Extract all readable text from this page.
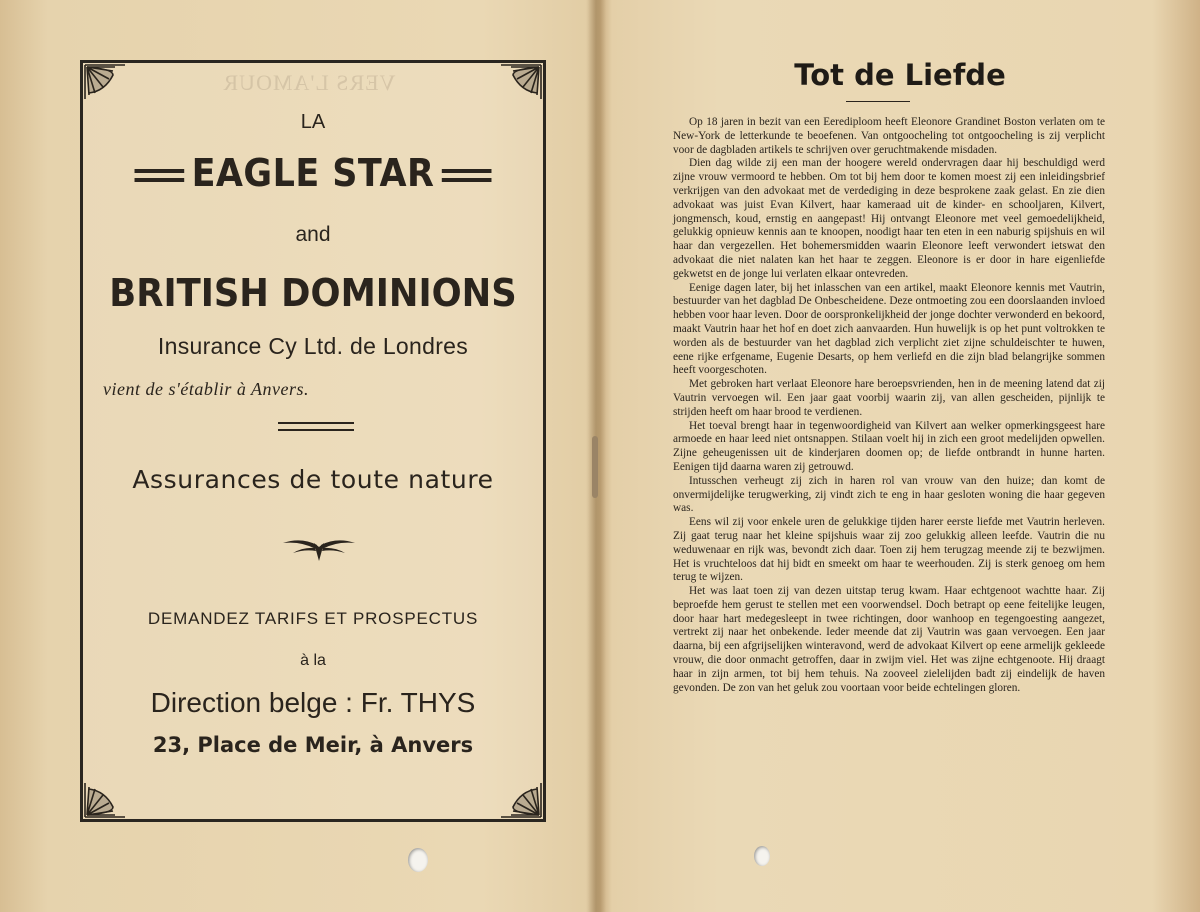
VERS L'AMOUR
LA
EAGLE STAR
and
BRITISH DOMINIONS
Insurance Cy Ltd. de Londres
vient de s'établir à Anvers.
Assurances de toute nature
DEMANDEZ TARIFS ET PROSPECTUS
à la
Direction belge : Fr. THYS
23, Place de Meir, à Anvers
Tot de Liefde

Op 18 jaren in bezit van een Eerediploom heeft Eleonore Grandinet Boston verlaten om te New-York de letterkunde te beoefenen. Van ontgoocheling tot ontgoocheling is zij verplicht voor de dagbladen artikels te schrijven over geruchtmakende misdaden.

Dien dag wilde zij een man der hoogere wereld ondervragen daar hij beschuldigd werd zijne vrouw vermoord te hebben. Om tot bij hem door te komen moest zij een inleidingsbrief verkrijgen van den advokaat met de verdediging in deze besprokene zaak gelast. En zie dien advokaat was juist Evan Kilvert, haar kameraad uit de kinder- en schooljaren, Kilvert, jongmensch, koud, ernstig en aangepast! Hij ontvangt Eleonore met veel gemoedelijkheid, gelukkig opnieuw kennis aan te knoopen, noodigt haar ten eten in een naburig spijshuis en wil haar dan vergezellen. Het bohemersmidden waarin Eleonore leeft verwondert ietswat den advokaat die niet nalaten kan het haar te zeggen. Eleonore is er door in hare eigenliefde gekwetst en de jonge lui verlaten elkaar ontevreden.

Eenige dagen later, bij het inlasschen van een artikel, maakt Eleonore kennis met Vautrin, bestuurder van het dagblad De Onbescheidene. Deze ontmoeting zou een doorslaanden invloed hebben voor haar leven. Door de oorspronkelijkheid der jonge dochter verwonderd en bekoord, maakt Vautrin haar het hof en doet zich aanvaarden. Hun huwelijk is op het punt voltrokken te worden als de bestuurder van het dagblad zich verplicht ziet zijne schuldeischter te huwen, eene rijke erfgename, Eugenie Desarts, op hem verliefd en die zijn blad belangrijke sommen heeft voorgeschoten.

Met gebroken hart verlaat Eleonore hare beroepsvrienden, hen in de meening latend dat zij Vautrin vervoegen wil. Een jaar gaat voorbij waarin zij, van allen gescheiden, pijnlijk te strijden heeft om haar brood te verdienen.

Het toeval brengt haar in tegenwoordigheid van Kilvert aan welker opmerkingsgeest hare armoede en haar leed niet ontsnappen. Stilaan voelt hij in zich een groot medelijden opwellen. Zijne geheugenissen uit de kinderjaren doomen op; de liefde ontbrandt in hunne harten. Eenigen tijd daarna waren zij getrouwd.

Intusschen verheugt zij zich in haren rol van vrouw van den huize; dan komt de onvermijdelijke terugwerking, zij vindt zich te eng in haar gesloten woning die haar gegeven was.

Eens wil zij voor enkele uren de gelukkige tijden harer eerste liefde met Vautrin herleven. Zij gaat terug naar het kleine spijshuis waar zij zoo gelukkig alleen leefde. Vautrin die nu weduwenaar en rijk was, bevondt zich daar. Toen zij hem terugzag meende zij te bezwijmen. Het is vruchteloos dat hij bidt en smeekt om haar te weerhouden. Zij is sterk genoeg om hem terug te wijzen.

Het was laat toen zij van dezen uitstap terug kwam. Haar echtgenoot wachtte haar. Zij beproefde hem gerust te stellen met een voorwendsel. Doch betrapt op eene feitelijke leugen, door haar hart medegesleept in twee richtingen, door wanhoop en tegengoesting aangezet, vertrekt zij naar het onbekende. Ieder meende dat zij Vautrin was gaan vervoegen. Een jaar daarna, bij een afgrijselijken winteravond, werd de advokaat Kilvert op eene armelijk gekleede vrouw, die door onmacht getroffen, daar in zwijm viel. Het was zijne echtgenoote. Hij draagt haar in zijn armen, tot bij hem tehuis. Na zooveel zielelijden badt zij eindelijk de haven gevonden. De zon van het geluk zou voortaan voor beide echtelingen gloren.
